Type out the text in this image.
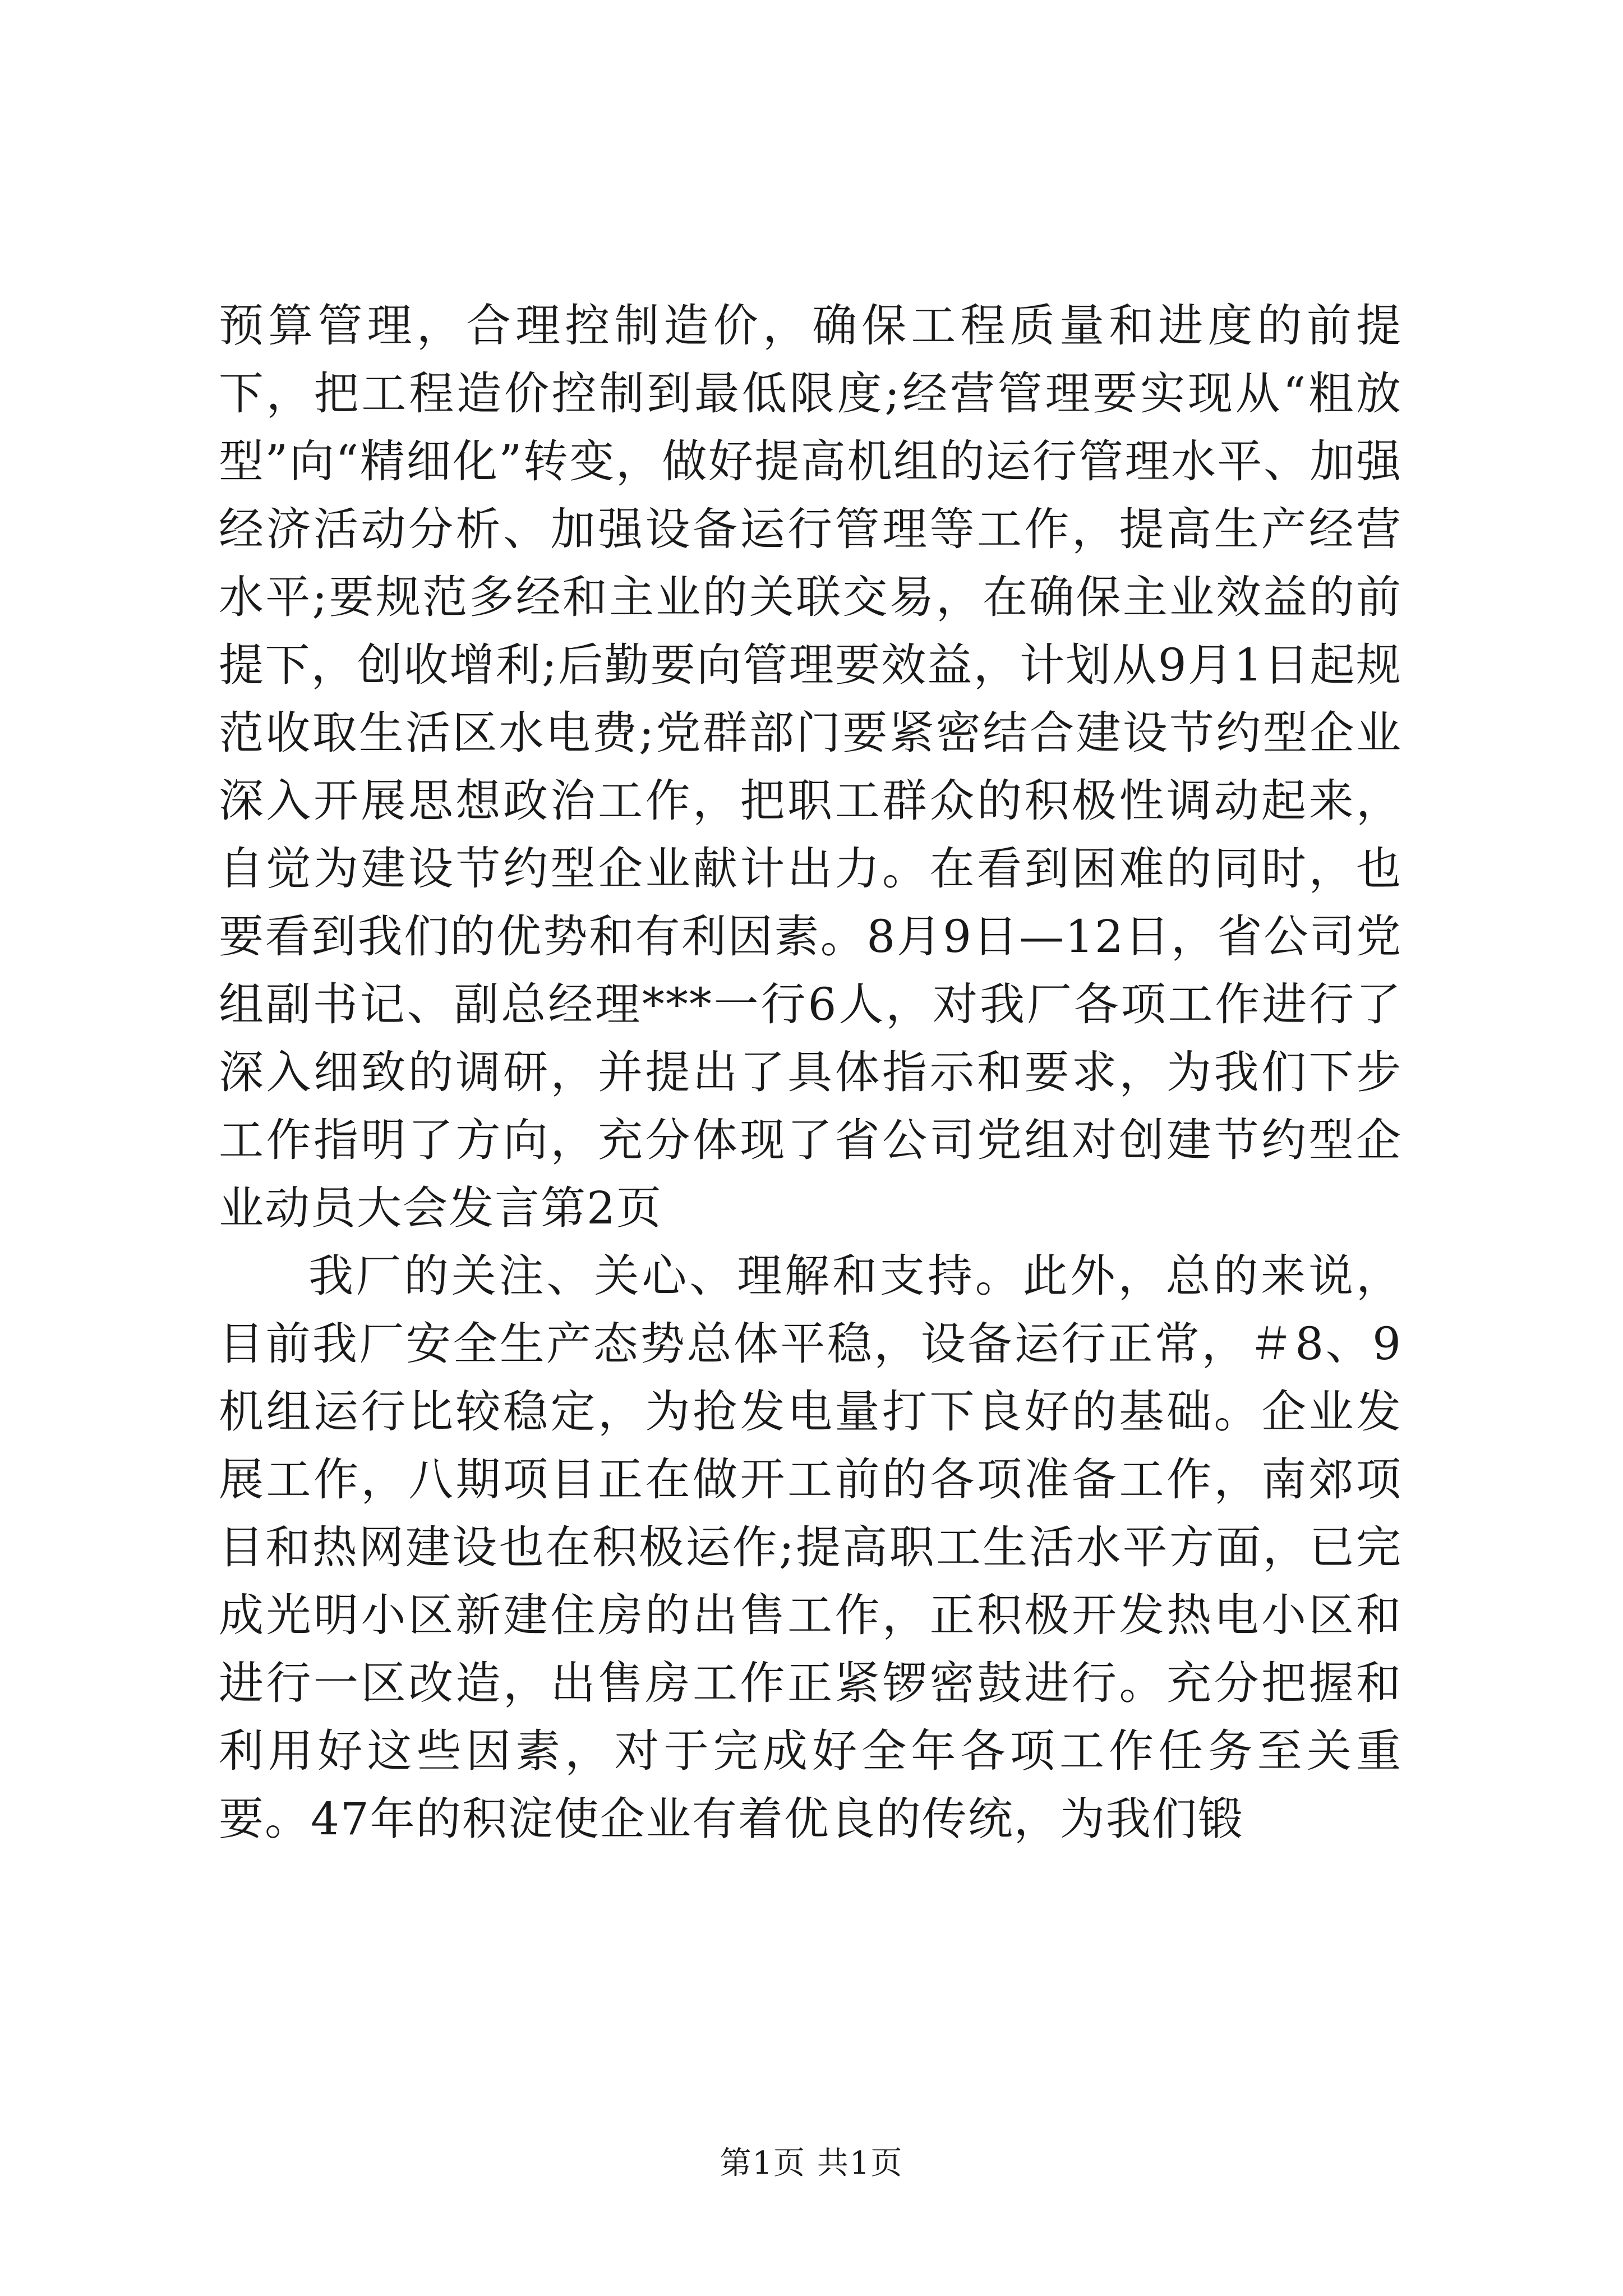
预算管理，合理控制造价，确保工程质量和进度的前提下，把工程造价控制到最低限度;经营管理要实现从“粗放型”向“精细化”转变，做好提高机组的运行管理水平、加强经济活动分析、加强设备运行管理等工作，提高生产经营水平;要规范多经和主业的关联交易，在确保主业效益的前提下，创收增利;后勤要向管理要效益，计划从9月1日起规范收取生活区水电费;党群部门要紧密结合建设节约型企业深入开展思想政治工作，把职工群众的积极性调动起来，自觉为建设节约型企业献计出力。在看到困难的同时，也要看到我们的优势和有利因素。8月9日—12日，省公司党组副书记、副总经理***一行6人，对我厂各项工作进行了深入细致的调研，并提出了具体指示和要求，为我们下步工作指明了方向，充分体现了省公司党组对创建节约型企业动员大会发言第2页

我厂的关注、关心、理解和支持。此外，总的来说，目前我厂安全生产态势总体平稳，设备运行正常，＃8、9机组运行比较稳定，为抢发电量打下良好的基础。企业发展工作，八期项目正在做开工前的各项准备工作，南郊项目和热网建设也在积极运作;提高职工生活水平方面，已完成光明小区新建住房的出售工作，正积极开发热电小区和进行一区改造，出售房工作正紧锣密鼓进行。充分把握和利用好这些因素，对于完成好全年各项工作任务至关重要。47年的积淀使企业有着优良的传统，为我们锻

第1页 共1页
